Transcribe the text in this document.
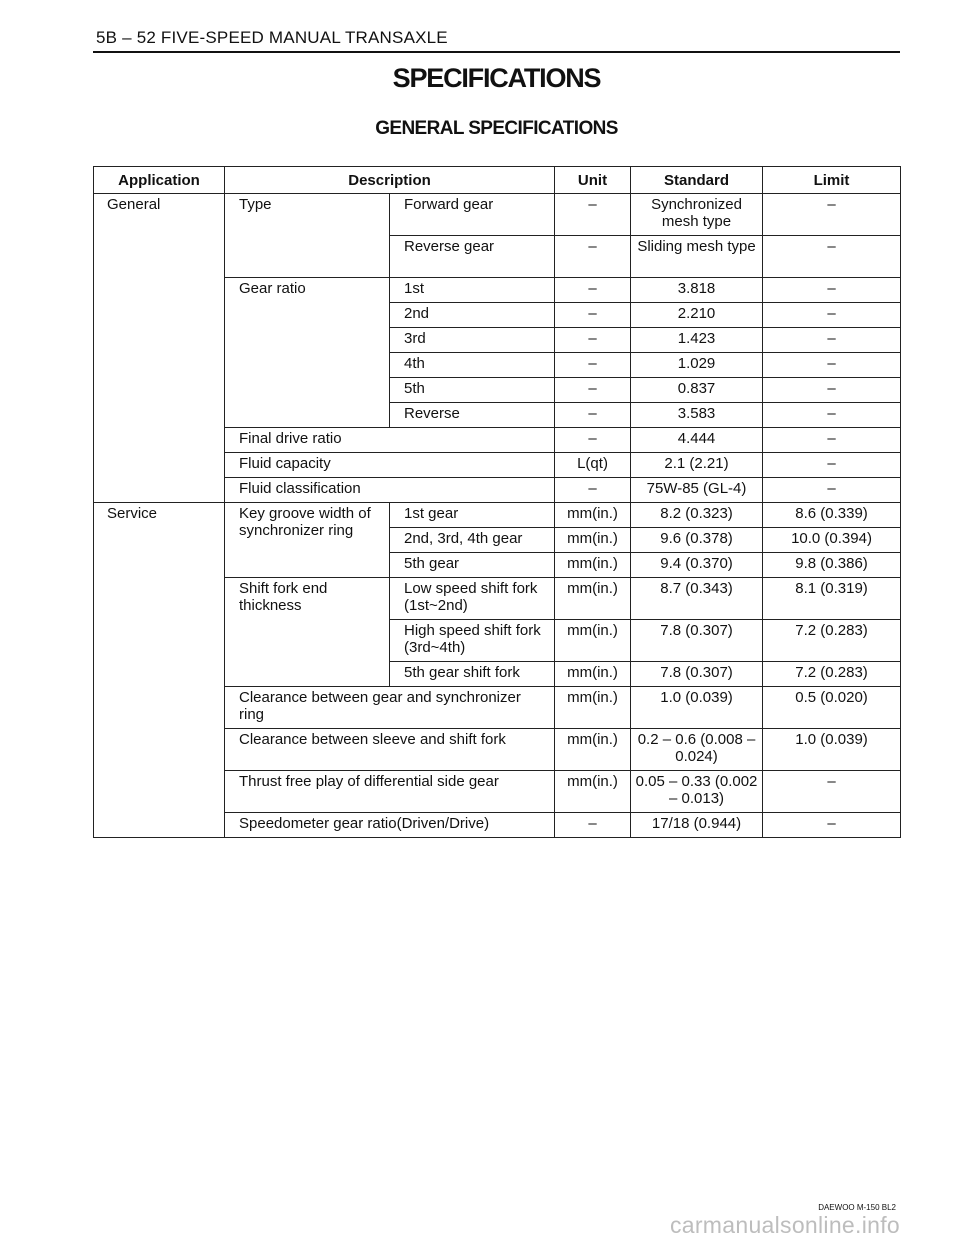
5B – 52 FIVE-SPEED MANUAL TRANSAXLE
SPECIFICATIONS
GENERAL SPECIFICATIONS
Application	Description		Unit	Standard	Limit
General	Type	Forward gear	–	Synchronized mesh type	–
		Reverse gear	–	Sliding mesh type	–
	Gear ratio	1st	–	3.818	–
		2nd	–	2.210	–
		3rd	–	1.423	–
		4th	–	1.029	–
		5th	–	0.837	–
		Reverse	–	3.583	–
	Final drive ratio		–	4.444	–
	Fluid capacity		L(qt)	2.1 (2.21)	–
	Fluid classification		–	75W-85 (GL-4)	–
Service	Key groove width of synchronizer ring	1st gear	mm(in.)	8.2 (0.323)	8.6 (0.339)
		2nd, 3rd, 4th gear	mm(in.)	9.6 (0.378)	10.0 (0.394)
		5th gear	mm(in.)	9.4 (0.370)	9.8 (0.386)
	Shift fork end thickness	Low speed shift fork (1st~2nd)	mm(in.)	8.7 (0.343)	8.1 (0.319)
		High speed shift fork (3rd~4th)	mm(in.)	7.8 (0.307)	7.2 (0.283)
		5th gear shift fork	mm(in.)	7.8 (0.307)	7.2 (0.283)
	Clearance between gear and synchronizer ring		mm(in.)	1.0 (0.039)	0.5 (0.020)
	Clearance between sleeve and shift fork		mm(in.)	0.2 – 0.6 (0.008 – 0.024)	1.0 (0.039)
	Thrust free play of differential side gear		mm(in.)	0.05 – 0.33 (0.002 – 0.013)	–
	Speedometer gear ratio(Driven/Drive)		–	17/18 (0.944)	–
DAEWOO M-150 BL2
carmanualsonline.info
